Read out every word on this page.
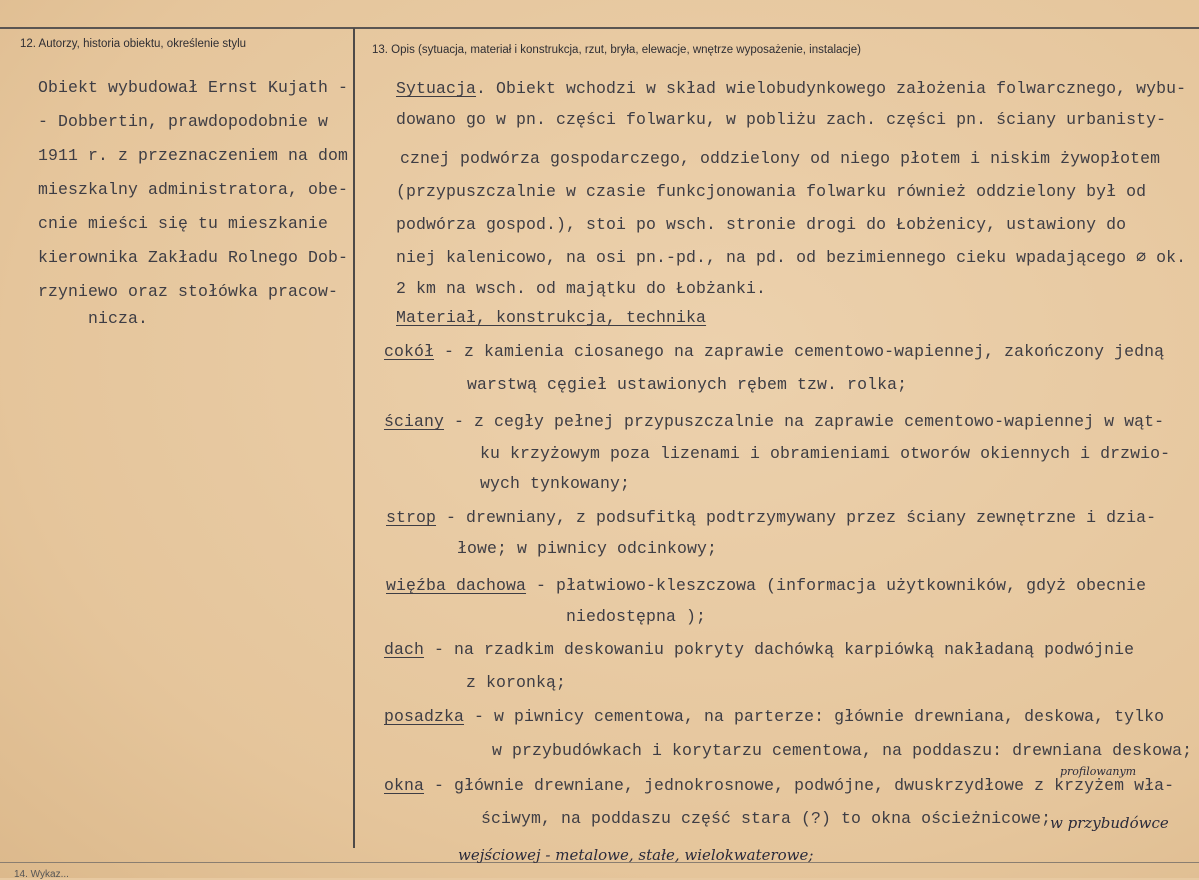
12. Autorzy, historia obiektu, określenie stylu
Obiekt wybudował Ernst Kujath -
- Dobbertin, prawdopodobnie w
1911 r. z przeznaczeniem na dom
mieszkalny administratora, obe-
cnie mieści się tu mieszkanie
kierownika Zakładu Rolnego Dob-
rzyniewo oraz stołówka pracow-
nicza.
13. Opis (sytuacja, materiał i konstrukcja, rzut, bryła, elewacje, wnętrze wyposażenie, instalacje)
Sytuacja. Obiekt wchodzi w skład wielobudynkowego założenia folwarcznego, wybu-
dowano go w pn. części folwarku, w pobliżu zach. części pn. ściany urbanisty-
cznej podwórza gospodarczego, oddzielony od niego płotem i niskim żywopłotem
(przypuszczalnie w czasie funkcjonowania folwarku również oddzielony był od
podwórza gospod.), stoi po wsch. stronie drogi do Łobżenicy, ustawiony do
niej kalenicowo, na osi pn.-pd., na pd. od bezimiennego cieku wpadającego ⌀ ok.
2 km na wsch. od majątku do Łobżanki.
Materiał, konstrukcja, technika
cokół - z kamienia ciosanego na zaprawie cementowo-wapiennej, zakończony jedną
warstwą cęgieł ustawionych rębem tzw. rolka;
ściany - z cegły pełnej przypuszczalnie na zaprawie cementowo-wapiennej w wąt-
ku krzyżowym poza lizenami i obramieniami otworów okiennych i drzwio-
wych tynkowany;
strop - drewniany, z podsufitką podtrzymywany przez ściany zewnętrzne i dzia-
łowe; w piwnicy odcinkowy;
więźba dachowa - płatwiowo-kleszczowa (informacja użytkowników, gdyż obecnie
niedostępna );
dach - na rzadkim deskowaniu pokryty dachówką karpiówką nakładaną podwójnie
z koronką;
posadzka - w piwnicy cementowa, na parterze: głównie drewniana, deskowa, tylko
w przybudówkach i korytarzu cementowa, na poddaszu: drewniana deskowa;
profilowanym
okna - głównie drewniane, jednokrosnowe, podwójne, dwuskrzydłowe z krzyżem wła-
ściwym, na poddaszu część stara (?) to okna ościeżnicowe;
w przybudówce
wejściowej - metalowe, stałe, wielokwaterowe;
14. Wykaz...
